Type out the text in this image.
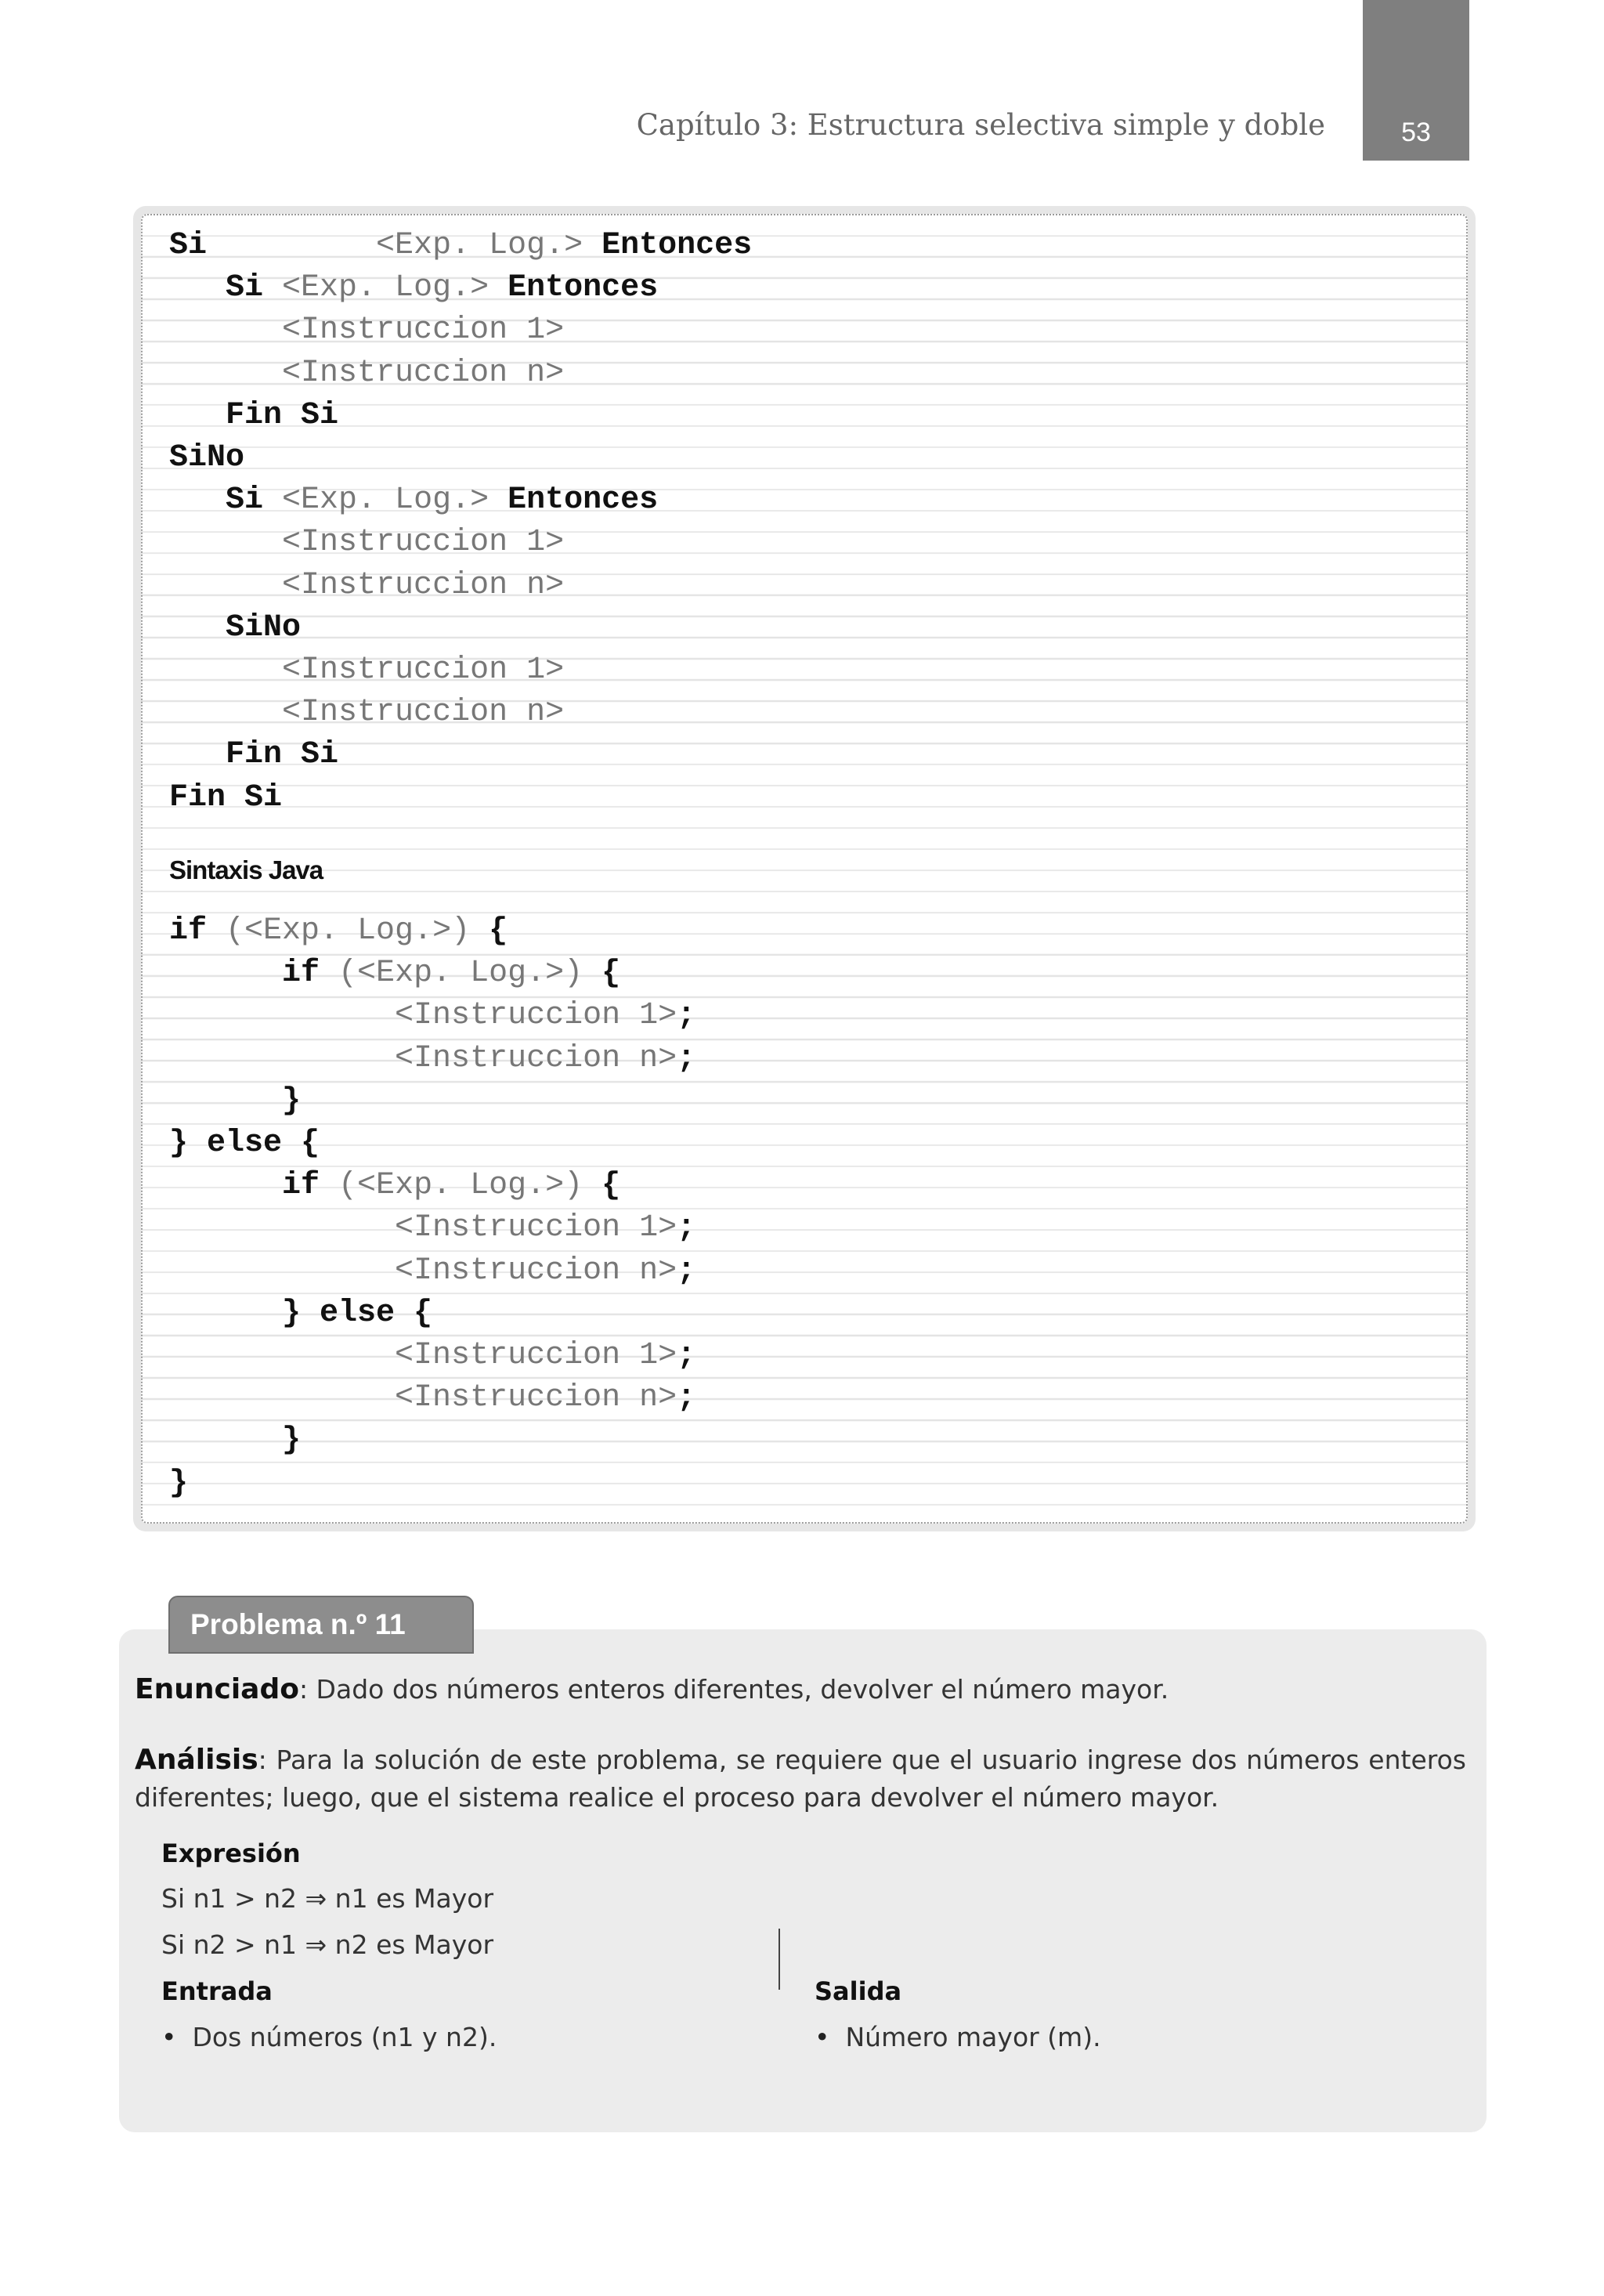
Capítulo 3: Estructura selectiva simple y doble	53
Sintaxis Java
Si         <Exp. Log.> Entonces
Si <Exp. Log.> Entonces
<Instruccion 1>
<Instruccion n>
Fin Si
SiNo
Si <Exp. Log.> Entonces
<Instruccion 1>
<Instruccion n>
SiNo
<Instruccion 1>
<Instruccion n>
Fin Si
Fin Si
if (<Exp. Log.>) {
if (<Exp. Log.>) {
<Instruccion 1>;
<Instruccion n>;
}
} else {
if (<Exp. Log.>) {
<Instruccion 1>;
<Instruccion n>;
} else {
<Instruccion 1>;
<Instruccion n>;
}
}
Problema n.º 11
Enunciado: Dado dos números enteros diferentes, devolver el número mayor.
Análisis: Para la solución de este problema, se requiere que el usuario ingrese dos números enteros diferentes; luego, que el sistema realice el proceso para devolver el número mayor.
Expresión
Si n1 > n2 ⇒ n1 es Mayor
Si n2 > n1 ⇒ n2 es Mayor
Entrada
• Dos números (n1 y n2).
Salida
• Número mayor (m).
